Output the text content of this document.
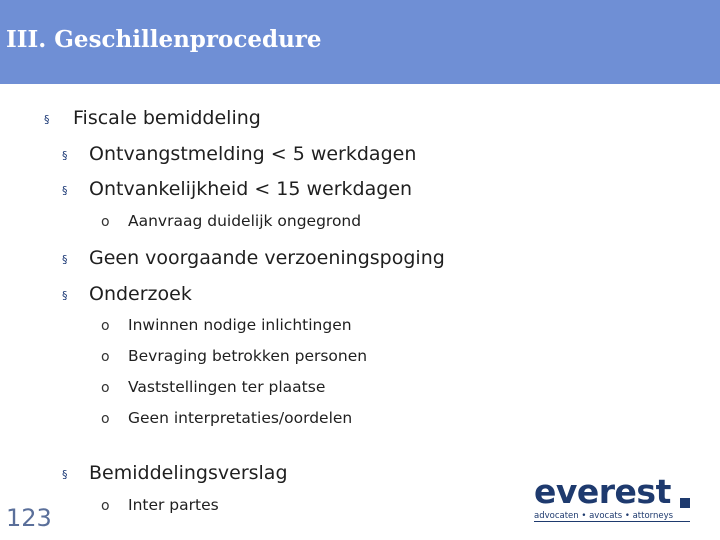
III. Geschillenprocedure
§ Fiscale bemiddeling
§ Ontvangstmelding < 5 werkdagen
§ Ontvankelijkheid < 15 werkdagen
o Aanvraag duidelijk ongegrond
§ Geen voorgaande verzoeningspoging
§ Onderzoek
o Inwinnen nodige inlichtingen
o Bevraging betrokken personen
o Vaststellingen ter plaatse
o Geen interpretaties/oordelen
§ Bemiddelingsverslag
o Inter partes
123
everest
advocaten • avocats • attorneys
